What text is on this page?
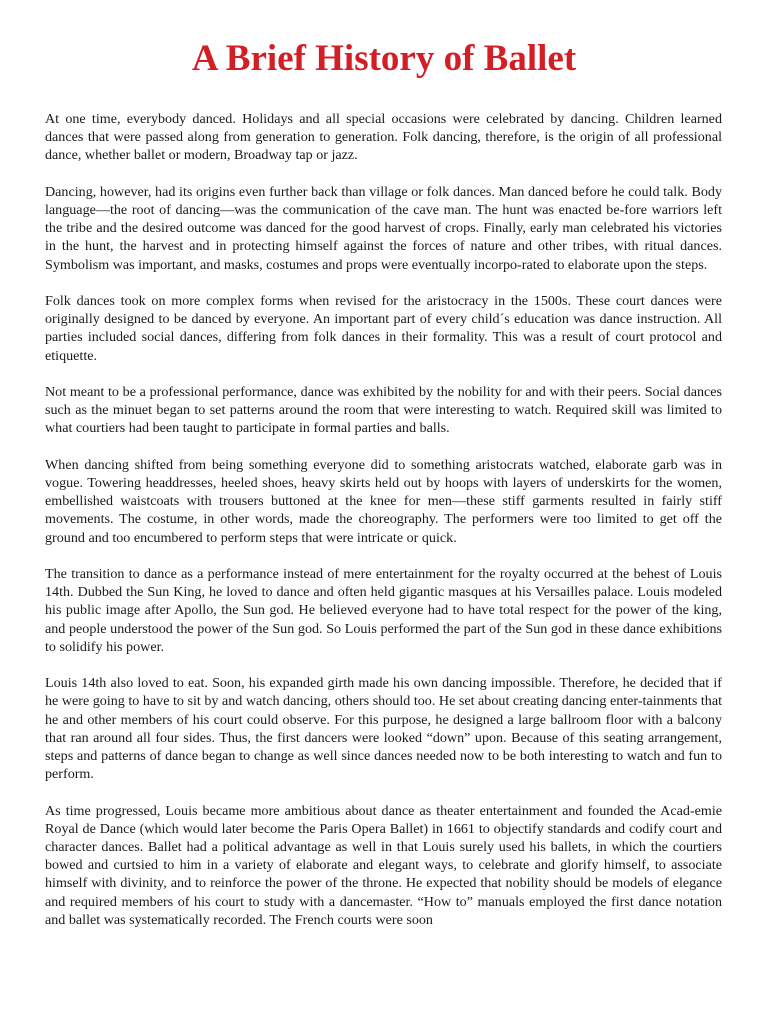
A Brief History of Ballet

At one time, everybody danced. Holidays and all special occasions were celebrated by dancing. Children learned dances that were passed along from generation to generation. Folk dancing, therefore, is the origin of all professional dance, whether ballet or modern, Broadway tap or jazz.

Dancing, however, had its origins even further back than village or folk dances. Man danced before he could talk. Body language—the root of dancing—was the communication of the cave man. The hunt was enacted be-fore warriors left the tribe and the desired outcome was danced for the good harvest of crops. Finally, early man celebrated his victories in the hunt, the harvest and in protecting himself against the forces of nature and other tribes, with ritual dances. Symbolism was important, and masks, costumes and props were eventually incorpo-rated to elaborate upon the steps.

Folk dances took on more complex forms when revised for the aristocracy in the 1500s. These court dances were originally designed to be danced by everyone. An important part of every child´s education was dance instruction. All parties included social dances, differing from folk dances in their formality. This was a result of court protocol and etiquette.

Not meant to be a professional performance, dance was exhibited by the nobility for and with their peers. Social dances such as the minuet began to set patterns around the room that were interesting to watch. Required skill was limited to what courtiers had been taught to participate in formal parties and balls.

When dancing shifted from being something everyone did to something aristocrats watched, elaborate garb was in vogue. Towering headdresses, heeled shoes, heavy skirts held out by hoops with layers of underskirts for the women, embellished waistcoats with trousers buttoned at the knee for men—these stiff garments resulted in fairly stiff movements. The costume, in other words, made the choreography. The performers were too limited to get off the ground and too encumbered to perform steps that were intricate or quick.

The transition to dance as a performance instead of mere entertainment for the royalty occurred at the behest of Louis 14th. Dubbed the Sun King, he loved to dance and often held gigantic masques at his Versailles palace. Louis modeled his public image after Apollo, the Sun god. He believed everyone had to have total respect for the power of the king, and people understood the power of the Sun god. So Louis performed the part of the Sun god in these dance exhibitions to solidify his power.

Louis 14th also loved to eat. Soon, his expanded girth made his own dancing impossible. Therefore, he decided that if he were going to have to sit by and watch dancing, others should too. He set about creating dancing enter-tainments that he and other members of his court could observe. For this purpose, he designed a large ballroom floor with a balcony that ran around all four sides. Thus, the first dancers were looked “down” upon. Because of this seating arrangement, steps and patterns of dance began to change as well since dances needed now to be both interesting to watch and fun to perform.

As time progressed, Louis became more ambitious about dance as theater entertainment and founded the Acad-emie Royal de Dance (which would later become the Paris Opera Ballet) in 1661 to objectify standards and codify court and character dances. Ballet had a political advantage as well in that Louis surely used his ballets, in which the courtiers bowed and curtsied to him in a variety of elaborate and elegant ways, to celebrate and glorify himself, to associate himself with divinity, and to reinforce the power of the throne. He expected that nobility should be models of elegance and required members of his court to study with a dancemaster. “How to” manuals employed the first dance notation and ballet was systematically recorded. The French courts were soon
